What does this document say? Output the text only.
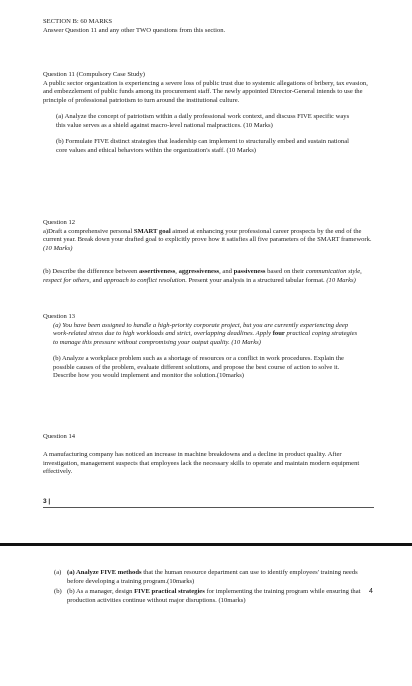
SECTION B: 60 MARKS
Answer Question 11 and any other TWO questions from this section.
Question 11 (Compulsory Case Study)
A public sector organization is experiencing a severe loss of public trust due to systemic allegations of bribery, tax evasion, and embezzlement of public funds among its procurement staff. The newly appointed Director-General intends to use the principle of professional patriotism to turn around the institutional culture.
(a) Analyze the concept of patriotism within a daily professional work context, and discuss FIVE specific ways this value serves as a shield against macro-level national malpractices. (10 Marks)
(b) Formulate FIVE distinct strategies that leadership can implement to structurally embed and sustain national core values and ethical behaviors within the organization's staff. (10 Marks)
Question 12
a)Draft a comprehensive personal SMART goal aimed at enhancing your professional career prospects by the end of the current year. Break down your drafted goal to explicitly prove how it satisfies all five parameters of the SMART framework. (10 Marks)
(b) Describe the difference between assertiveness, aggressiveness, and passiveness based on their communication style, respect for others, and approach to conflict resolution. Present your analysis in a structured tabular format. (10 Marks)
Question 13
(a) You have been assigned to handle a high-priority corporate project, but you are currently experiencing deep work-related stress due to high workloads and strict, overlapping deadlines. Apply four practical coping strategies to manage this pressure without compromising your output quality. (10 Marks)
(b) Analyze a workplace problem such as a shortage of resources or a conflict in work procedures. Explain the possible causes of the problem, evaluate different solutions, and propose the best course of action to solve it. Describe how you would implement and monitor the solution.(10marks)
Question 14
A manufacturing company has noticed an increase in machine breakdowns and a decline in product quality. After investigation, management suspects that employees lack the necessary skills to operate and maintain modern equipment effectively.
3 |
(a) (a) Analyze FIVE methods that the human resource department can use to identify employees' training needs before developing a training program.(10marks)
(b) (b) As a manager, design FIVE practical strategies for implementing the training program while ensuring that production activities continue without major disruptions. (10marks)
4
